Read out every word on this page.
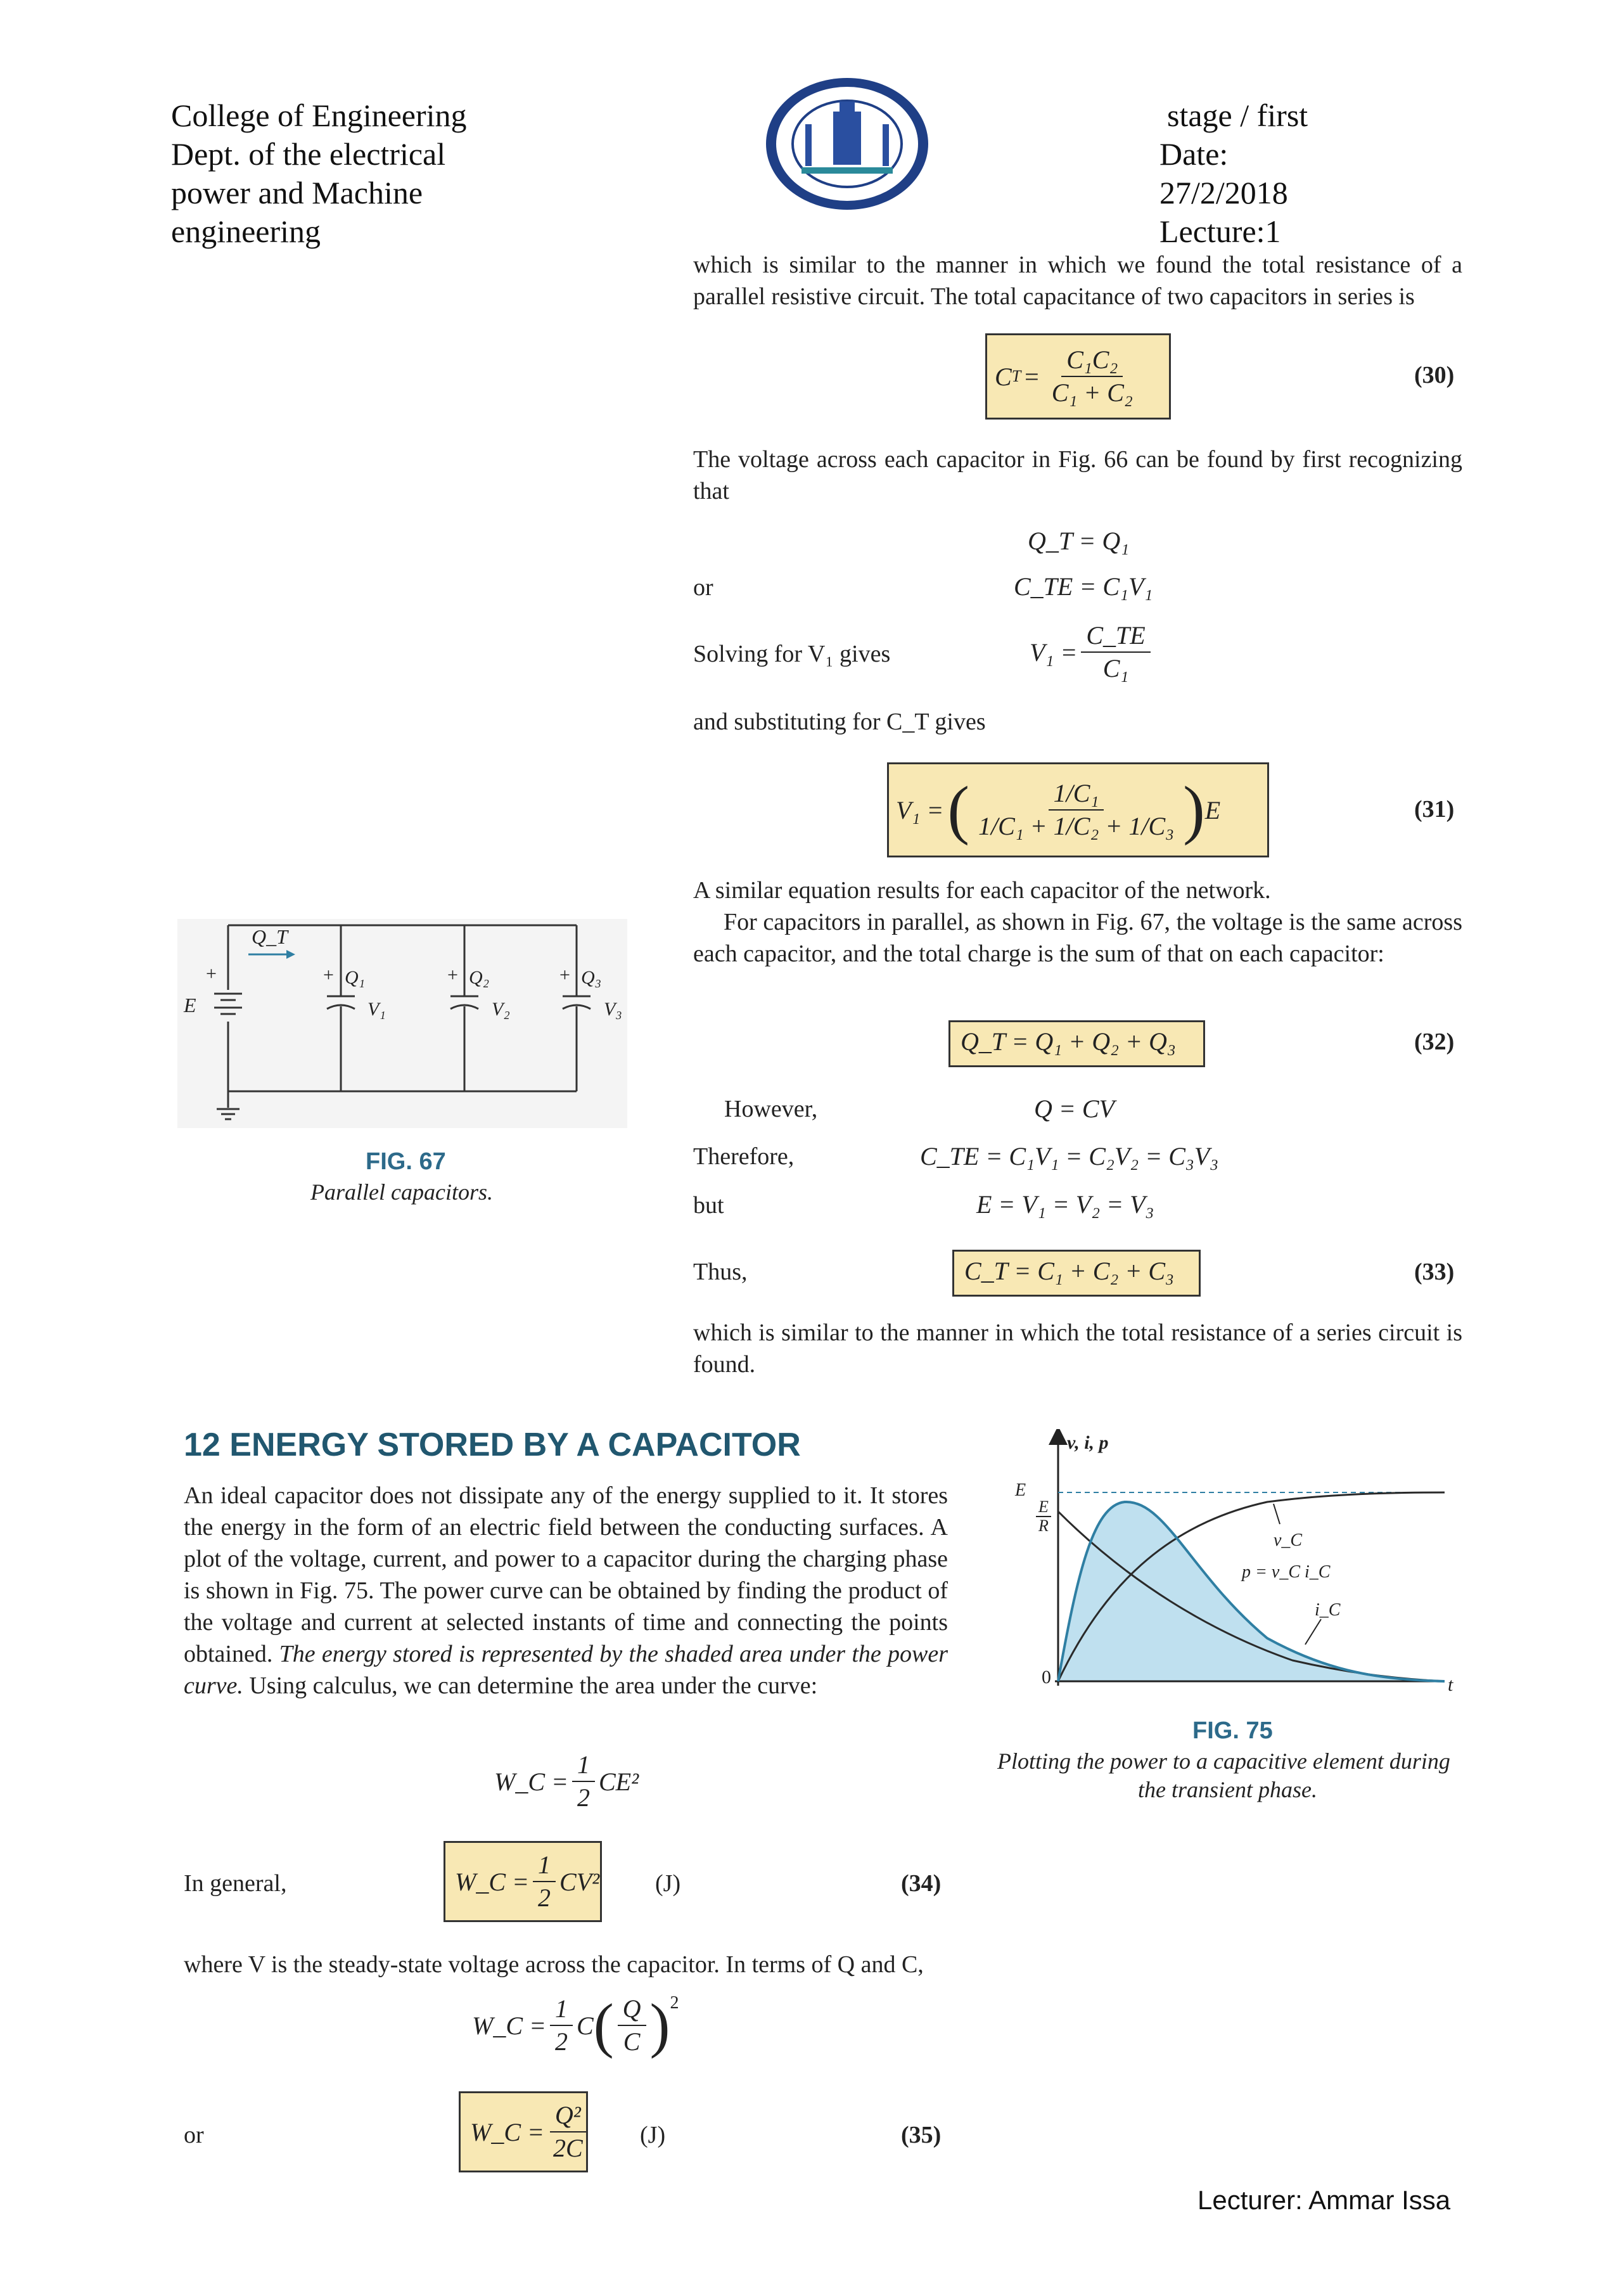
College of Engineering
Dept. of the electrical
power and Machine
engineering
stage / first
Date:
27/2/2018
Lecture:1
which is similar to the manner in which we found the total resistance of a parallel resistive circuit. The total capacitance of two capacitors in series is
C $T = \frac{\text{C₁C₂}}{\text{C₁ + C₂}}$	(30)
The voltage across each capacitor in Fig. 66 can be found by first recognizing that
Q_T = Q₁
or	C_TE = C₁V₁
Solving for V₁ gives	$V_1 = \frac{C\_TE}{\text{C₁}}$
and substituting for C_T gives
V₁ = ( $\frac{\text{1/C₁}}{\text{1/C₁ + 1/C₂ + 1/C₃}}$ ) E	(31)
A similar equation results for each capacitor of the network.
For capacitors in parallel, as shown in Fig. 67, the voltage is the same across each capacitor, and the total charge is the sum of that on each capacitor:
Q_T = Q₁ + Q₂ + Q₃	(32)
However,	Q = CV
Therefore,	C_TE = C₁V₁ = C₂V₂ = C₃V₃
but	E = V₁ = V₂ = V₃
Thus,	C_T = C₁ + C₂ + C₃	(33)
which is similar to the manner in which the total resistance of a series circuit is found.
Q_T
E
+	Q₁
V₁
+	Q₂
V₂
+	Q₃
V₃
+
FIG. 67
Parallel capacitors.
12 ENERGY STORED BY A CAPACITOR
An ideal capacitor does not dissipate any of the energy supplied to it. It stores the energy in the form of an electric field between the conducting surfaces. A plot of the voltage, current, and power to a capacitor during the charging phase is shown in Fig. 75. The power curve can be obtained by finding the product of the voltage and current at selected instants of time and connecting the points obtained. The energy stored is represented by the shaded area under the power curve. Using calculus, we can determine the area under the curve:
W_C = $\frac{1}{2} CE^2$
In general,	W_C = $\frac{1}{2} CV^2$ (J)	(34)
where V is the steady-state voltage across the capacitor. In terms of Q and C,
W_C = $\frac{1}{2}$ C ( $\frac{Q}{C} )^2$
or	W_C = $\frac{\text{Q²}}{2C} (J)$	(35)
v, i, p
t
0
E
$\frac{E}{R}$
v_C
p = v_C i_C
i_C
FIG. 75
Plotting the power to a capacitive element during
the transient phase.
Lecturer: Ammar Issa
